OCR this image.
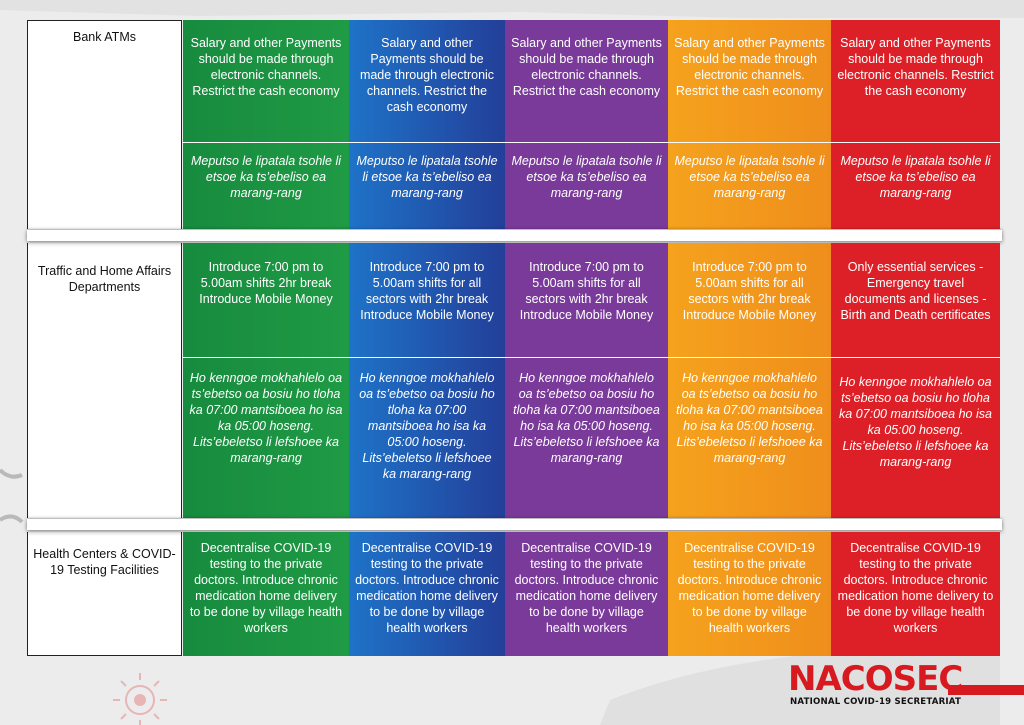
Bank ATMs
Traffic and Home Affairs Departments
Health Centers & COVID-19 Testing Facilities
Salary and other Payments should be made through electronic channels. Restrict the cash economy
Salary and other Payments should be made through electronic channels. Restrict the cash economy
Salary and other Payments should be made through electronic channels. Restrict the cash economy
Salary and other Payments should be made through electronic channels. Restrict the cash economy
Salary and other Payments should be made through electronic channels. Restrict the cash economy
Meputso le lipatala tsohle li etsoe ka ts’ebeliso ea marang-rang
Meputso le lipatala tsohle li etsoe ka ts’ebeliso ea marang-rang
Meputso le lipatala tsohle li etsoe ka ts’ebeliso ea marang-rang
Meputso le lipatala tsohle li etsoe ka ts’ebeliso ea marang-rang
Meputso le lipatala tsohle li etsoe ka ts’ebeliso ea marang-rang
Introduce 7:00 pm to 5.00am shifts 2hr break Introduce Mobile Money
Introduce 7:00 pm to 5.00am shifts for all sectors with 2hr break Introduce Mobile Money
Introduce 7:00 pm to 5.00am shifts for all sectors with 2hr break Introduce Mobile Money
Introduce 7:00 pm to 5.00am shifts for all sectors with 2hr break Introduce Mobile Money
Only essential services -Emergency travel documents and licenses -Birth and Death certificates
Ho kenngoe mokhahlelo oa ts’ebetso oa bosiu ho tloha ka 07:00 mantsiboea ho isa ka 05:00 hoseng. Lits’ebeletso li lefshoee ka marang-rang
Ho kenngoe mokhahlelo oa ts’ebetso oa bosiu ho tloha ka 07:00 mantsiboea ho isa ka 05:00 hoseng. Lits’ebeletso li lefshoee ka marang-rang
Ho kenngoe mokhahlelo oa ts’ebetso oa bosiu ho tloha ka 07:00 mantsiboea ho isa ka 05:00 hoseng. Lits’ebeletso li lefshoee ka marang-rang
Ho kenngoe mokhahlelo oa ts’ebetso oa bosiu ho tloha ka 07:00 mantsiboea ho isa ka 05:00 hoseng. Lits’ebeletso li lefshoee ka marang-rang
Ho kenngoe mokhahlelo oa ts’ebetso oa bosiu ho tloha ka 07:00 mantsiboea ho isa ka 05:00 hoseng. Lits’ebeletso li lefshoee ka marang-rang
Decentralise COVID-19 testing to the private doctors. Introduce chronic medication home delivery to be done by village health workers
Decentralise COVID-19 testing to the private doctors. Introduce chronic medication home delivery to be done by village health workers
Decentralise COVID-19 testing to the private doctors. Introduce chronic medication home delivery to be done by village health workers
Decentralise COVID-19 testing to the private doctors. Introduce chronic medication home delivery to be done by village health workers
Decentralise COVID-19 testing to the private doctors. Introduce chronic medication home delivery to be done by village health workers
NACOSEC
NATIONAL COVID-19 SECRETARIAT
